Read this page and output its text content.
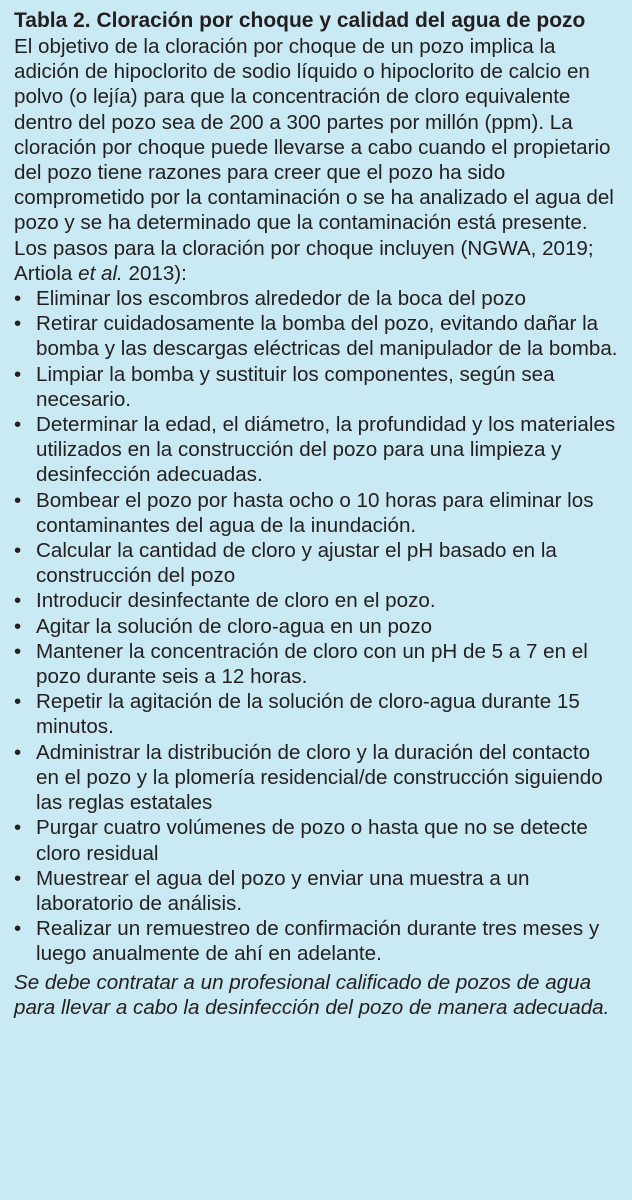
Tabla 2. Cloración por choque y calidad del agua de pozo

El objetivo de la cloración por choque de un pozo implica la adición de hipoclorito de sodio líquido o hipoclorito de calcio en polvo (o lejía) para que la concentración de cloro equivalente dentro del pozo sea de 200 a 300 partes por millón (ppm). La cloración por choque puede llevarse a cabo cuando el propietario del pozo tiene razones para creer que el pozo ha sido comprometido por la contaminación o se ha analizado el agua del pozo y se ha determinado que la contaminación está presente. Los pasos para la cloración por choque incluyen (NGWA, 2019; Artiola et al. 2013):

• Eliminar los escombros alrededor de la boca del pozo
• Retirar cuidadosamente la bomba del pozo, evitando dañar la bomba y las descargas eléctricas del manipulador de la bomba.
• Limpiar la bomba y sustituir los componentes, según sea necesario.
• Determinar la edad, el diámetro, la profundidad y los materiales utilizados en la construcción del pozo para una limpieza y desinfección adecuadas.
• Bombear el pozo por hasta ocho o 10 horas para eliminar los contaminantes del agua de la inundación.
• Calcular la cantidad de cloro y ajustar el pH basado en la construcción del pozo
• Introducir desinfectante de cloro en el pozo.
• Agitar la solución de cloro-agua en un pozo
• Mantener la concentración de cloro con un pH de 5 a 7 en el pozo durante seis a 12 horas.
• Repetir la agitación de la solución de cloro-agua durante 15 minutos.
• Administrar la distribución de cloro y la duración del contacto en el pozo y la plomería residencial/de construcción siguiendo las reglas estatales
• Purgar cuatro volúmenes de pozo o hasta que no se detecte cloro residual
• Muestrear el agua del pozo y enviar una muestra a un laboratorio de análisis.
• Realizar un remuestreo de confirmación durante tres meses y luego anualmente de ahí en adelante.

Se debe contratar a un profesional calificado de pozos de agua para llevar a cabo la desinfección del pozo de manera adecuada.
